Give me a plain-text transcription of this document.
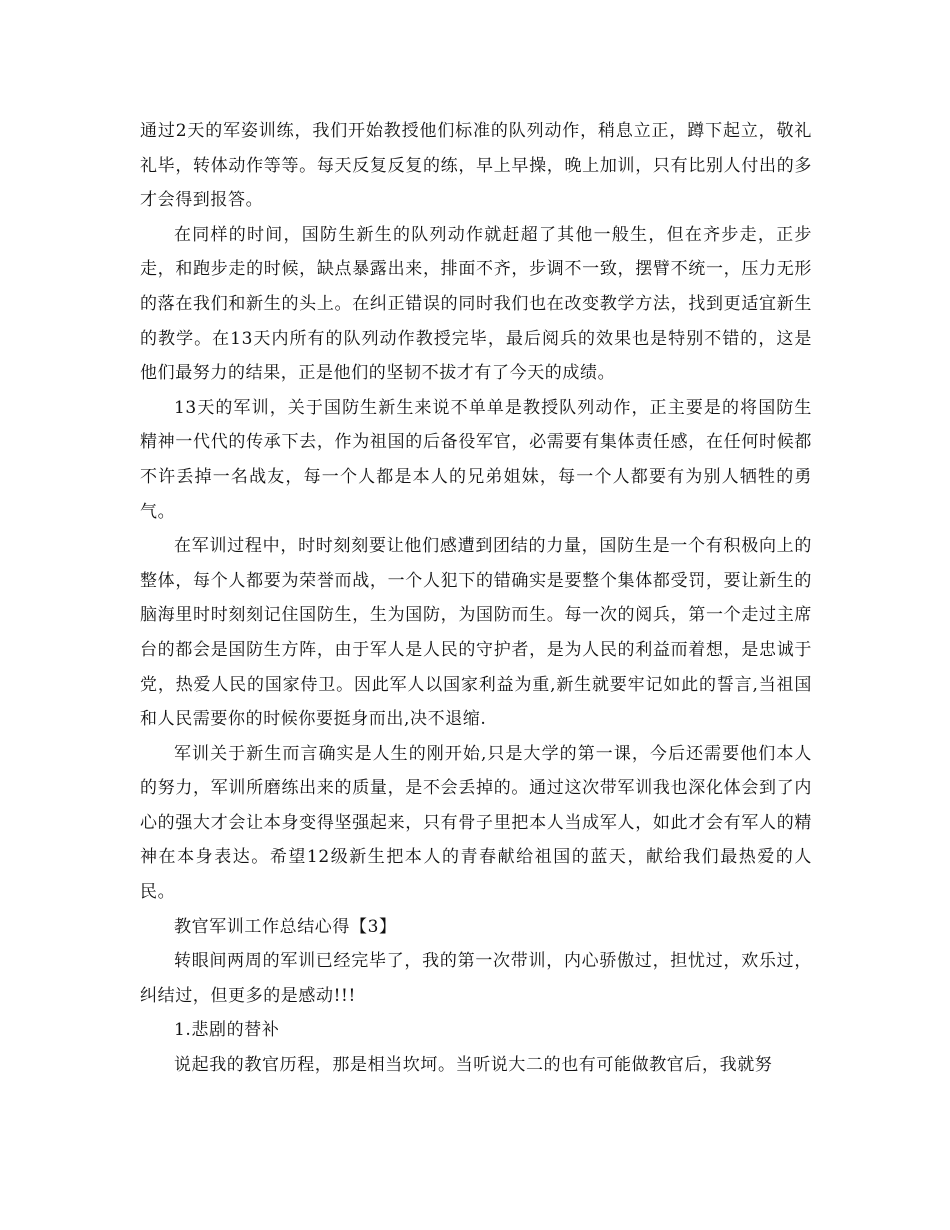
通过2天的军姿训练，我们开始教授他们标准的队列动作，稍息立正，蹲下起立，敬礼礼毕，转体动作等等。每天反复反复的练，早上早操，晚上加训，只有比别人付出的多才会得到报答。

在同样的时间，国防生新生的队列动作就赶超了其他一般生，但在齐步走，正步走，和跑步走的时候，缺点暴露出来，排面不齐，步调不一致，摆臂不统一，压力无形的落在我们和新生的头上。在纠正错误的同时我们也在改变教学方法，找到更适宜新生的教学。在13天内所有的队列动作教授完毕，最后阅兵的效果也是特别不错的，这是他们最努力的结果，正是他们的坚韧不拔才有了今天的成绩。

13天的军训，关于国防生新生来说不单单是教授队列动作，正主要是的将国防生精神一代代的传承下去，作为祖国的后备役军官，必需要有集体责任感，在任何时候都不许丢掉一名战友，每一个人都是本人的兄弟姐妹，每一个人都要有为别人牺牲的勇气。

在军训过程中，时时刻刻要让他们感遭到团结的力量，国防生是一个有积极向上的整体，每个人都要为荣誉而战，一个人犯下的错确实是要整个集体都受罚，要让新生的脑海里时时刻刻记住国防生，生为国防，为国防而生。每一次的阅兵，第一个走过主席台的都会是国防生方阵，由于军人是人民的守护者，是为人民的利益而着想，是忠诚于党，热爱人民的国家侍卫。因此军人以国家利益为重,新生就要牢记如此的誓言,当祖国和人民需要你的时候你要挺身而出,决不退缩.

军训关于新生而言确实是人生的刚开始,只是大学的第一课，今后还需要他们本人的努力，军训所磨练出来的质量，是不会丢掉的。通过这次带军训我也深化体会到了内心的强大才会让本身变得坚强起来，只有骨子里把本人当成军人，如此才会有军人的精神在本身表达。希望12级新生把本人的青春献给祖国的蓝天，献给我们最热爱的人民。

教官军训工作总结心得【3】

转眼间两周的军训已经完毕了，我的第一次带训，内心骄傲过，担忧过，欢乐过，纠结过，但更多的是感动!!!

1.悲剧的替补

说起我的教官历程，那是相当坎坷。当听说大二的也有可能做教官后，我就努
